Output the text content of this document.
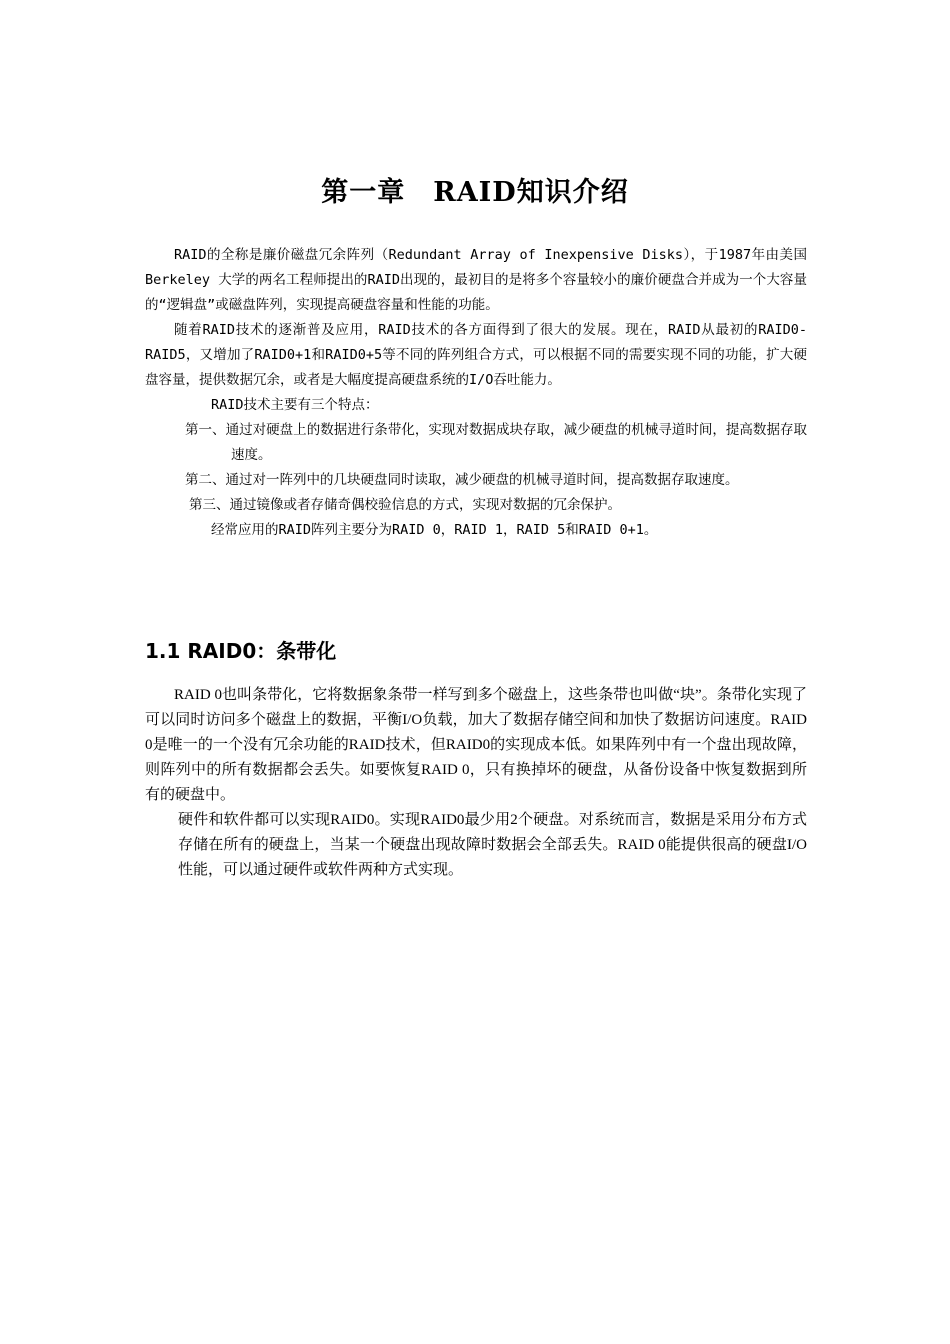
第一章　RAID知识介绍

RAID的全称是廉价磁盘冗余阵列（Redundant Array of Inexpensive Disks），于1987年由美国Berkeley 大学的两名工程师提出的RAID出现的，最初目的是将多个容量较小的廉价硬盘合并成为一个大容量的“逻辑盘”或磁盘阵列，实现提高硬盘容量和性能的功能。

随着RAID技术的逐渐普及应用，RAID技术的各方面得到了很大的发展。现在，RAID从最初的RAID0-RAID5，又增加了RAID0+1和RAID0+5等不同的阵列组合方式，可以根据不同的需要实现不同的功能，扩大硬盘容量，提供数据冗余，或者是大幅度提高硬盘系统的I/O吞吐能力。

RAID技术主要有三个特点：

第一、通过对硬盘上的数据进行条带化，实现对数据成块存取，减少硬盘的机械寻道时间，提高数据存取速度。

第二、通过对一阵列中的几块硬盘同时读取，减少硬盘的机械寻道时间，提高数据存取速度。

第三、通过镜像或者存储奇偶校验信息的方式，实现对数据的冗余保护。

经常应用的RAID阵列主要分为RAID 0，RAID 1，RAID 5和RAID 0+1。

1.1 RAID0：条带化

RAID 0也叫条带化，它将数据象条带一样写到多个磁盘上，这些条带也叫做“块”。条带化实现了可以同时访问多个磁盘上的数据，平衡I/O负载，加大了数据存储空间和加快了数据访问速度。RAID 0是唯一的一个没有冗余功能的RAID技术，但RAID0的实现成本低。如果阵列中有一个盘出现故障，则阵列中的所有数据都会丢失。如要恢复RAID 0，只有换掉坏的硬盘，从备份设备中恢复数据到所有的硬盘中。

硬件和软件都可以实现RAID0。实现RAID0最少用2个硬盘。对系统而言，数据是采用分布方式存储在所有的硬盘上，当某一个硬盘出现故障时数据会全部丢失。RAID 0能提供很高的硬盘I/O性能，可以通过硬件或软件两种方式实现。
